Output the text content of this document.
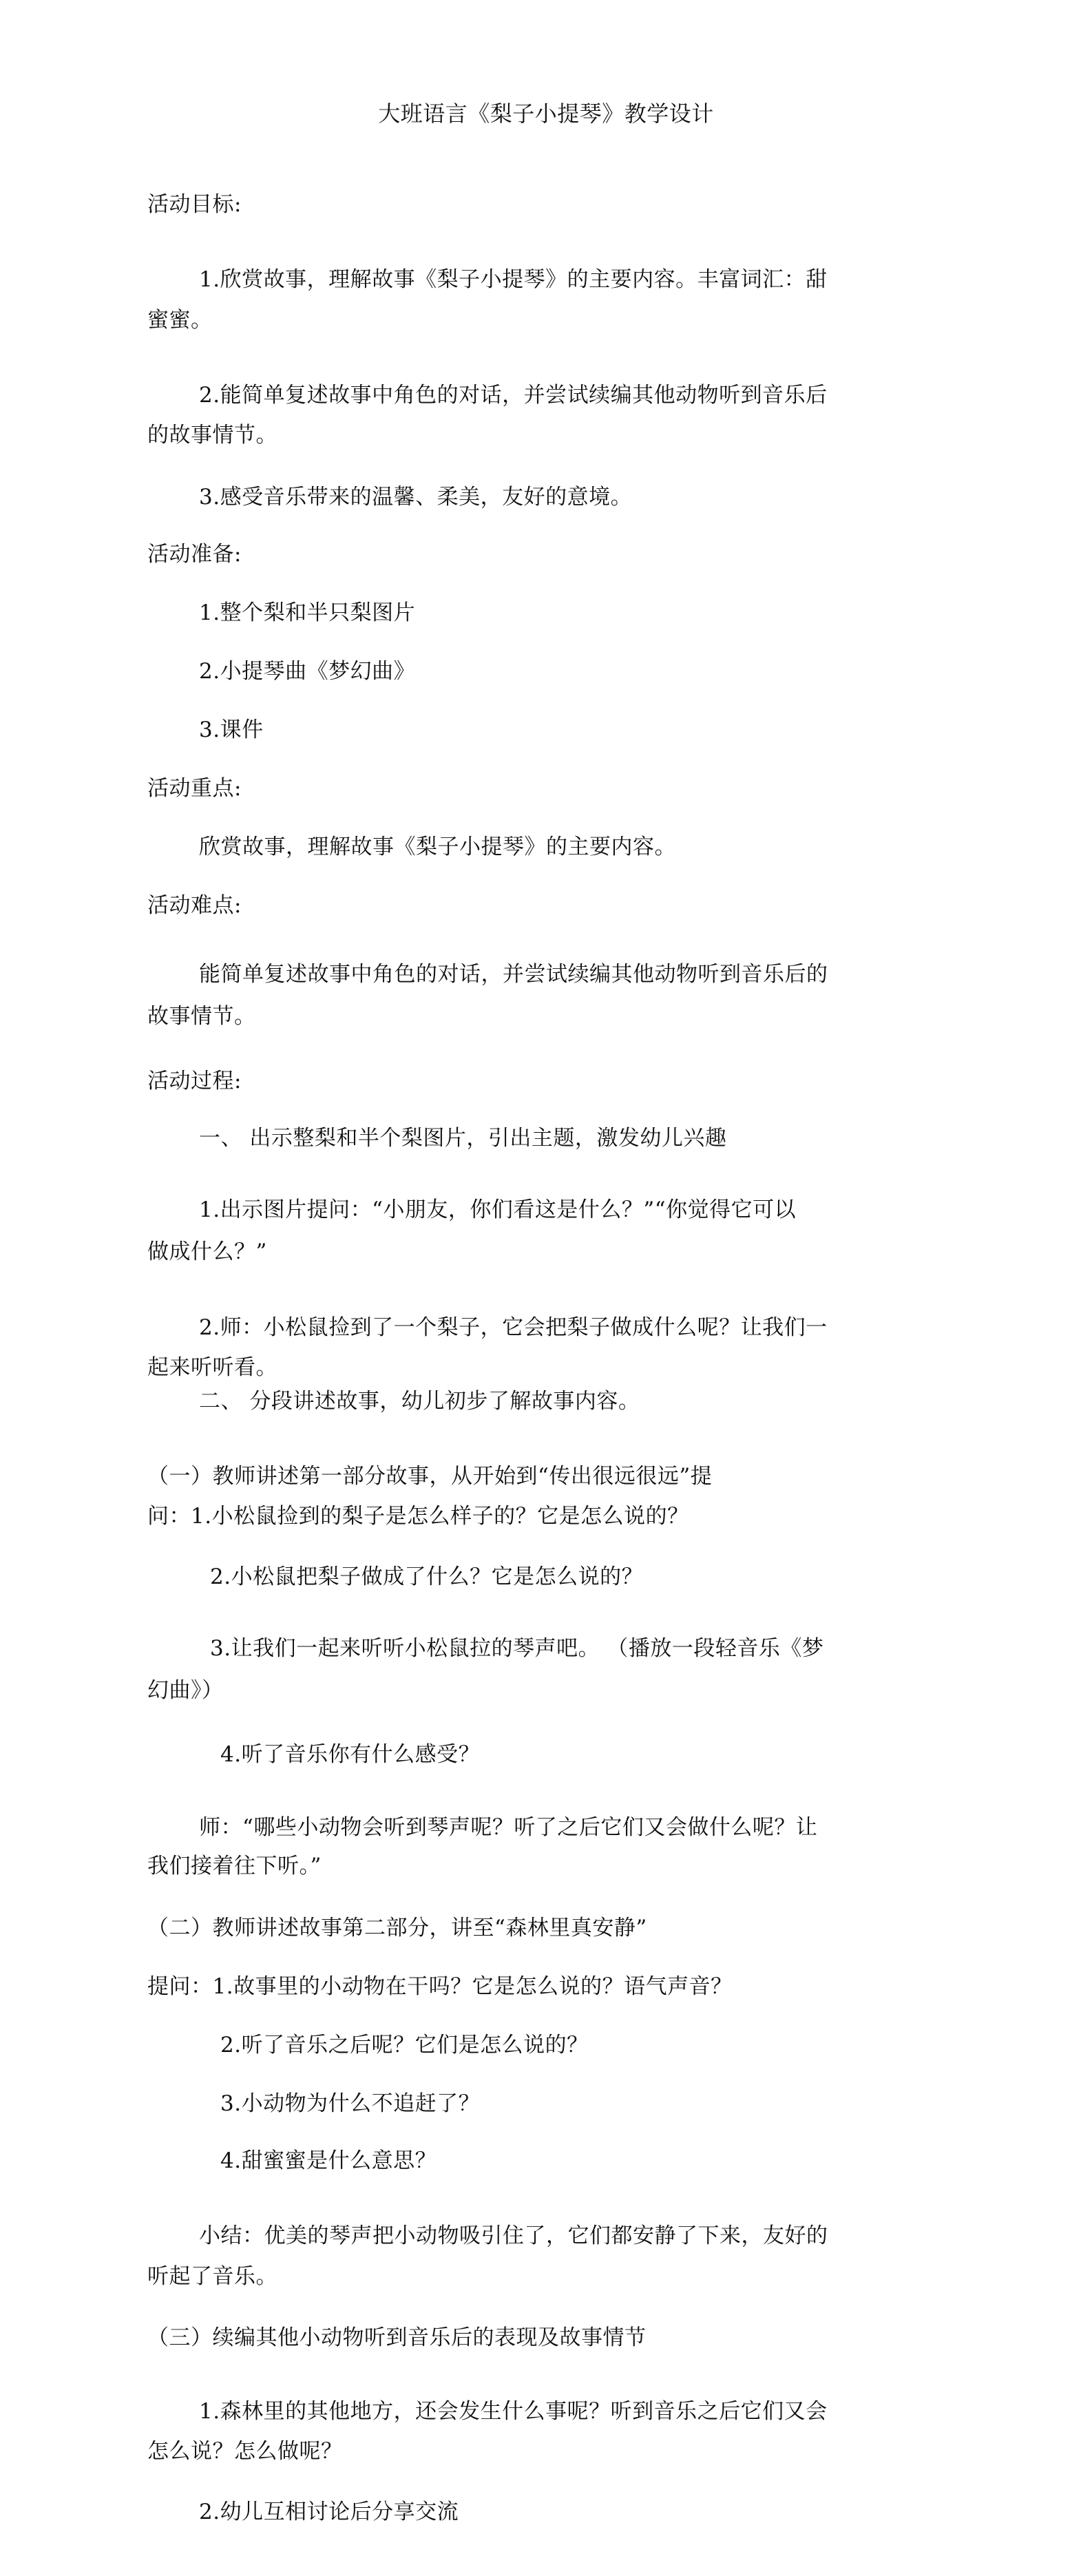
大班语言《梨子小提琴》教学设计
活动目标:
1.欣赏故事，理解故事《梨子小提琴》的主要内容。丰富词汇：甜
蜜蜜。
2.能简单复述故事中角色的对话，并尝试续编其他动物听到音乐后
的故事情节。
3.感受音乐带来的温馨、柔美，友好的意境。
活动准备:
1.整个梨和半只梨图片
2.小提琴曲《梦幻曲》
3.课件
活动重点:
欣赏故事，理解故事《梨子小提琴》的主要内容。
活动难点:
能简单复述故事中角色的对话，并尝试续编其他动物听到音乐后的
故事情节。
活动过程:
一、 出示整梨和半个梨图片，引出主题，激发幼儿兴趣
1.出示图片提问：“小朋友，你们看这是什么？”“你觉得它可以
做成什么？”
2.师：小松鼠捡到了一个梨子，它会把梨子做成什么呢？让我们一
起来听听看。
二、 分段讲述故事，幼儿初步了解故事内容。
（一）教师讲述第一部分故事，从开始到“传出很远很远”提
问：1.小松鼠捡到的梨子是怎么样子的？它是怎么说的？
2.小松鼠把梨子做成了什么？它是怎么说的？
3.让我们一起来听听小松鼠拉的琴声吧。 （播放一段轻音乐《梦
幻曲》）
4.听了音乐你有什么感受？
师：“哪些小动物会听到琴声呢？听了之后它们又会做什么呢？让
我们接着往下听。”
（二）教师讲述故事第二部分，讲至“森林里真安静”
提问：1.故事里的小动物在干吗？它是怎么说的？语气声音？
2.听了音乐之后呢？它们是怎么说的？
3.小动物为什么不追赶了？
4.甜蜜蜜是什么意思？
小结：优美的琴声把小动物吸引住了，它们都安静了下来，友好的
听起了音乐。
（三）续编其他小动物听到音乐后的表现及故事情节
1.森林里的其他地方，还会发生什么事呢？听到音乐之后它们又会
怎么说？怎么做呢？
2.幼儿互相讨论后分享交流
